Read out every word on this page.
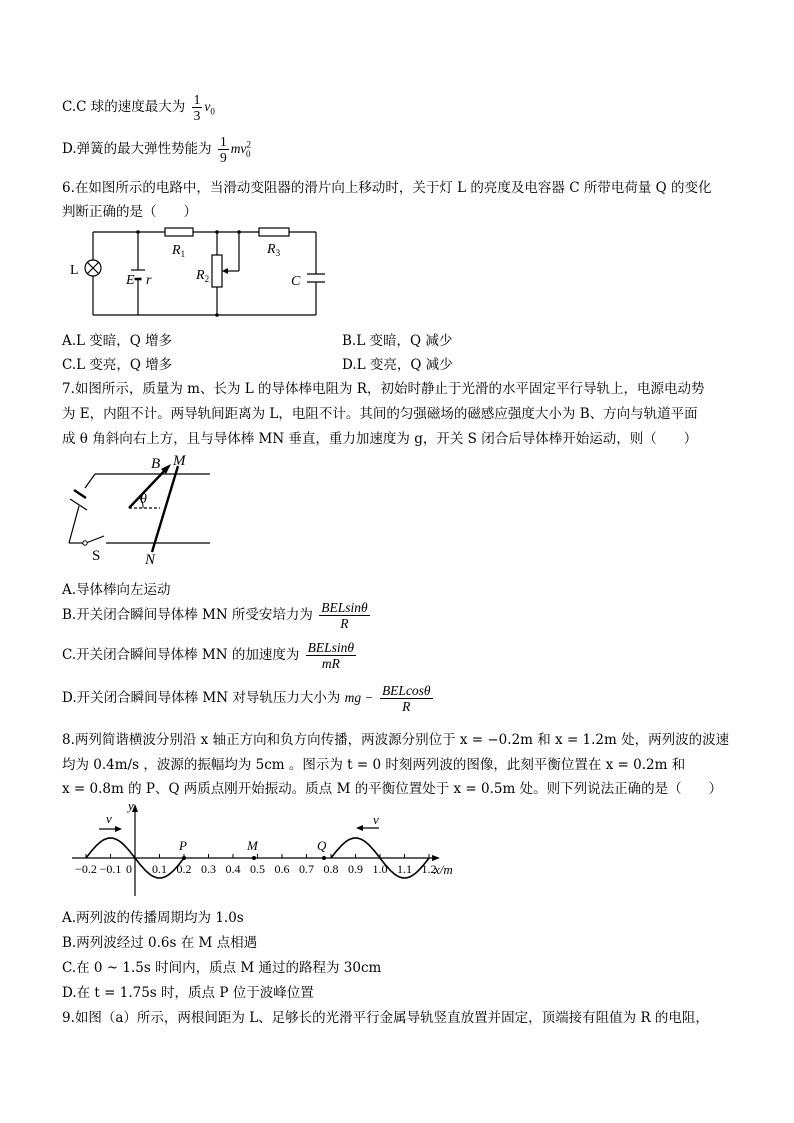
C.C 球的速度最大为 $\frac{1}{3} v_0$
D.弹簧的最大弹性势能为 $\frac{1}{9} mv^2_0$
6.在如图所示的电路中，当滑动变阻器的滑片向上移动时，关于灯 L 的亮度及电容器 C 所带电荷量 Q 的变化
判断正确的是（　　）
L
E r
$R_1$
$R_2$
$R_3$
C
A.L 变暗，Q 增多	B.L 变暗，Q 减少
C.L 变亮，Q 增多	D.L 变亮，Q 减少
7.如图所示，质量为 m、长为 L 的导体棒电阻为 R，初始时静止于光滑的水平固定平行导轨上，电源电动势
为 E，内阻不计。两导轨间距离为 L，电阻不计。其间的匀强磁场的磁感应强度大小为 B、方向与轨道平面
成 θ 角斜向右上方，且与导体棒 MN 垂直，重力加速度为 g，开关 S 闭合后导体棒开始运动，则（　　）
B M
θ
S	N
A.导体棒向左运动
B.开关闭合瞬间导体棒 MN 所受安培力为 $\frac{\text{BELsinθ}}{R}$
C.开关闭合瞬间导体棒 MN 的加速度为 $\frac{\text{BELsinθ}}{mR}$
D.开关闭合瞬间导体棒 MN 对导轨压力大小为 mg − $\frac{\text{BELcosθ}}{R}$
8.两列简谐横波分别沿 x 轴正方向和负方向传播，两波源分别位于 x = −0.2m 和 x = 1.2m 处，两列波的波速
均为 0.4m/s ，波源的振幅均为 5cm 。图示为 t = 0 时刻两列波的图像，此刻平衡位置在 x = 0.2m 和
x = 0.8m 的 P、Q 两质点刚开始振动。质点 M 的平衡位置处于 x = 0.5m 处。则下列说法正确的是（　　）
−0.2 −0.1 0 0.1 0.2 0.3 0.4 0.5 0.6 0.7 0.8 0.9 1.0 1.1 1.2
y
x/m
v	v
P	M	Q
A.两列波的传播周期均为 1.0s
B.两列波经过 0.6s 在 M 点相遇
C.在 0 ~ 1.5s 时间内，质点 M 通过的路程为 30cm
D.在 t = 1.75s 时，质点 P 位于波峰位置
9.如图（a）所示，两根间距为 L、足够长的光滑平行金属导轨竖直放置并固定，顶端接有阻值为 R 的电阻，
